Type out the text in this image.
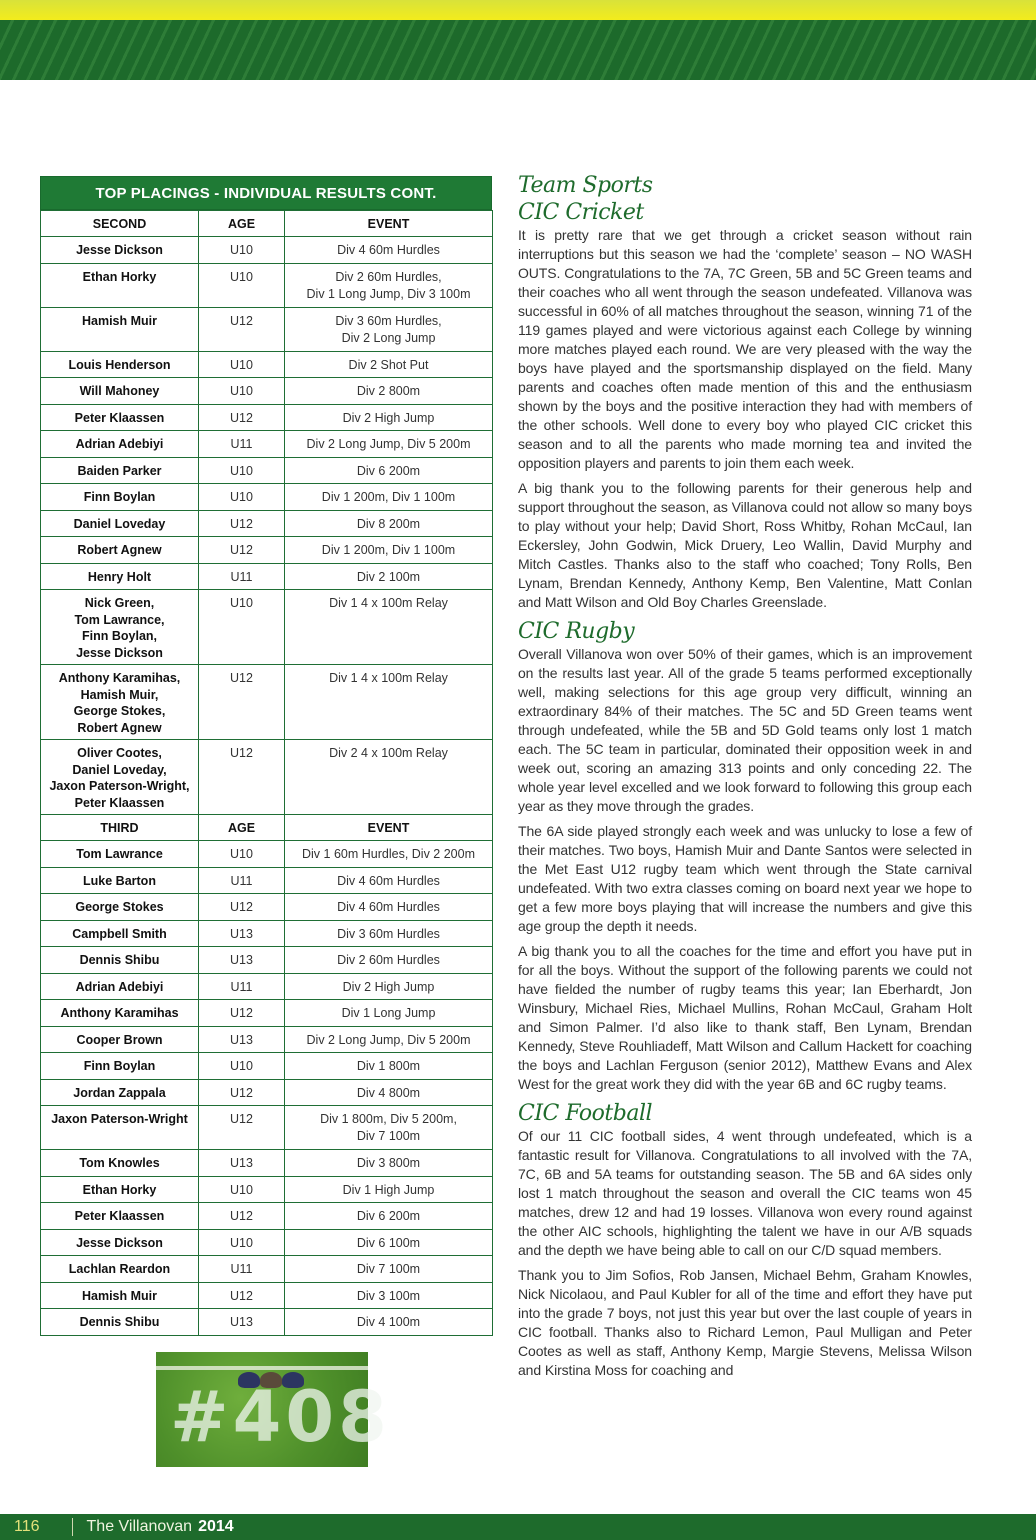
TOP PLACINGS - INDIVIDUAL RESULTS CONT.
SECOND	AGE	EVENT
Jesse Dickson	U10	Div 4 60m Hurdles
Ethan Horky	U10	Div 2 60m Hurdles,
Div 1 Long Jump, Div 3 100m
Hamish Muir	U12	Div 3 60m Hurdles,
Div 2 Long Jump
Louis Henderson	U10	Div 2 Shot Put
Will Mahoney	U10	Div 2 800m
Peter Klaassen	U12	Div 2 High Jump
Adrian Adebiyi	U11	Div 2 Long Jump, Div 5 200m
Baiden Parker	U10	Div 6 200m
Finn Boylan	U10	Div 1 200m, Div 1 100m
Daniel Loveday	U12	Div 8 200m
Robert Agnew	U12	Div 1 200m, Div 1 100m
Henry Holt	U11	Div 2 100m
Nick Green,
Tom Lawrance,
Finn Boylan,
Jesse Dickson	U10	Div 1 4 x 100m Relay
Anthony Karamihas,
Hamish Muir,
George Stokes,
Robert Agnew	U12	Div 1 4 x 100m Relay
Oliver Cootes,
Daniel Loveday,
Jaxon Paterson-Wright,
Peter Klaassen	U12	Div 2 4 x 100m Relay
THIRD	AGE	EVENT
Tom Lawrance	U10	Div 1 60m Hurdles, Div 2 200m
Luke Barton	U11	Div 4 60m Hurdles
George Stokes	U12	Div 4 60m Hurdles
Campbell Smith	U13	Div 3 60m Hurdles
Dennis Shibu	U13	Div 2 60m Hurdles
Adrian Adebiyi	U11	Div 2 High Jump
Anthony Karamihas	U12	Div 1 Long Jump
Cooper Brown	U13	Div 2 Long Jump, Div 5 200m
Finn Boylan	U10	Div 1 800m
Jordan Zappala	U12	Div 4 800m
Jaxon Paterson-Wright	U12	Div 1 800m, Div 5 200m,
Div 7 100m
Tom Knowles	U13	Div 3 800m
Ethan Horky	U10	Div 1 High Jump
Peter Klaassen	U12	Div 6 200m
Jesse Dickson	U10	Div 6 100m
Lachlan Reardon	U11	Div 7 100m
Hamish Muir	U12	Div 3 100m
Dennis Shibu	U13	Div 4 100m
#408
Team Sports
CIC Cricket

It is pretty rare that we get through a cricket season without rain interruptions but this season we had the ‘complete’ season – NO WASH OUTS. Congratulations to the 7A, 7C Green, 5B and 5C Green teams and their coaches who all went through the season undefeated. Villanova was successful in 60% of all matches throughout the season, winning 71 of the 119 games played and were victorious against each College by winning more matches played each round. We are very pleased with the way the boys have played and the sportsmanship displayed on the field. Many parents and coaches often made mention of this and the enthusiasm shown by the boys and the positive interaction they had with members of the other schools. Well done to every boy who played CIC cricket this season and to all the parents who made morning tea and invited the opposition players and parents to join them each week.

A big thank you to the following parents for their generous help and support throughout the season, as Villanova could not allow so many boys to play without your help; David Short, Ross Whitby, Rohan McCaul, Ian Eckersley, John Godwin, Mick Druery, Leo Wallin, David Murphy and Mitch Castles. Thanks also to the staff who coached; Tony Rolls, Ben Lynam, Brendan Kennedy, Anthony Kemp, Ben Valentine, Matt Conlan and Matt Wilson and Old Boy Charles Greenslade.

CIC Rugby

Overall Villanova won over 50% of their games, which is an improvement on the results last year. All of the grade 5 teams performed exceptionally well, making selections for this age group very difficult, winning an extraordinary 84% of their matches. The 5C and 5D Green teams went through undefeated, while the 5B and 5D Gold teams only lost 1 match each. The 5C team in particular, dominated their opposition week in and week out, scoring an amazing 313 points and only conceding 22. The whole year level excelled and we look forward to following this group each year as they move through the grades.

The 6A side played strongly each week and was unlucky to lose a few of their matches. Two boys, Hamish Muir and Dante Santos were selected in the Met East U12 rugby team which went through the State carnival undefeated. With two extra classes coming on board next year we hope to get a few more boys playing that will increase the numbers and give this age group the depth it needs.

A big thank you to all the coaches for the time and effort you have put in for all the boys. Without the support of the following parents we could not have fielded the number of rugby teams this year; Ian Eberhardt, Jon Winsbury, Michael Ries, Michael Mullins, Rohan McCaul, Graham Holt and Simon Palmer. I’d also like to thank staff, Ben Lynam, Brendan Kennedy, Steve Rouhliadeff, Matt Wilson and Callum Hackett for coaching the boys and Lachlan Ferguson (senior 2012), Matthew Evans and Alex West for the great work they did with the year 6B and 6C rugby teams.

CIC Football

Of our 11 CIC football sides, 4 went through undefeated, which is a fantastic result for Villanova. Congratulations to all involved with the 7A, 7C, 6B and 5A teams for outstanding season. The 5B and 6A sides only lost 1 match throughout the season and overall the CIC teams won 45 matches, drew 12 and had 19 losses. Villanova won every round against the other AIC schools, highlighting the talent we have in our A/B squads and the depth we have being able to call on our C/D squad members.

Thank you to Jim Sofios, Rob Jansen, Michael Behm, Graham Knowles, Nick Nicolaou, and Paul Kubler for all of the time and effort they have put into the grade 7 boys, not just this year but over the last couple of years in CIC football. Thanks also to Richard Lemon, Paul Mulligan and Peter Cootes as well as staff, Anthony Kemp, Margie Stevens, Melissa Wilson and Kirstina Moss for coaching and

116	The Villanovan 2014
